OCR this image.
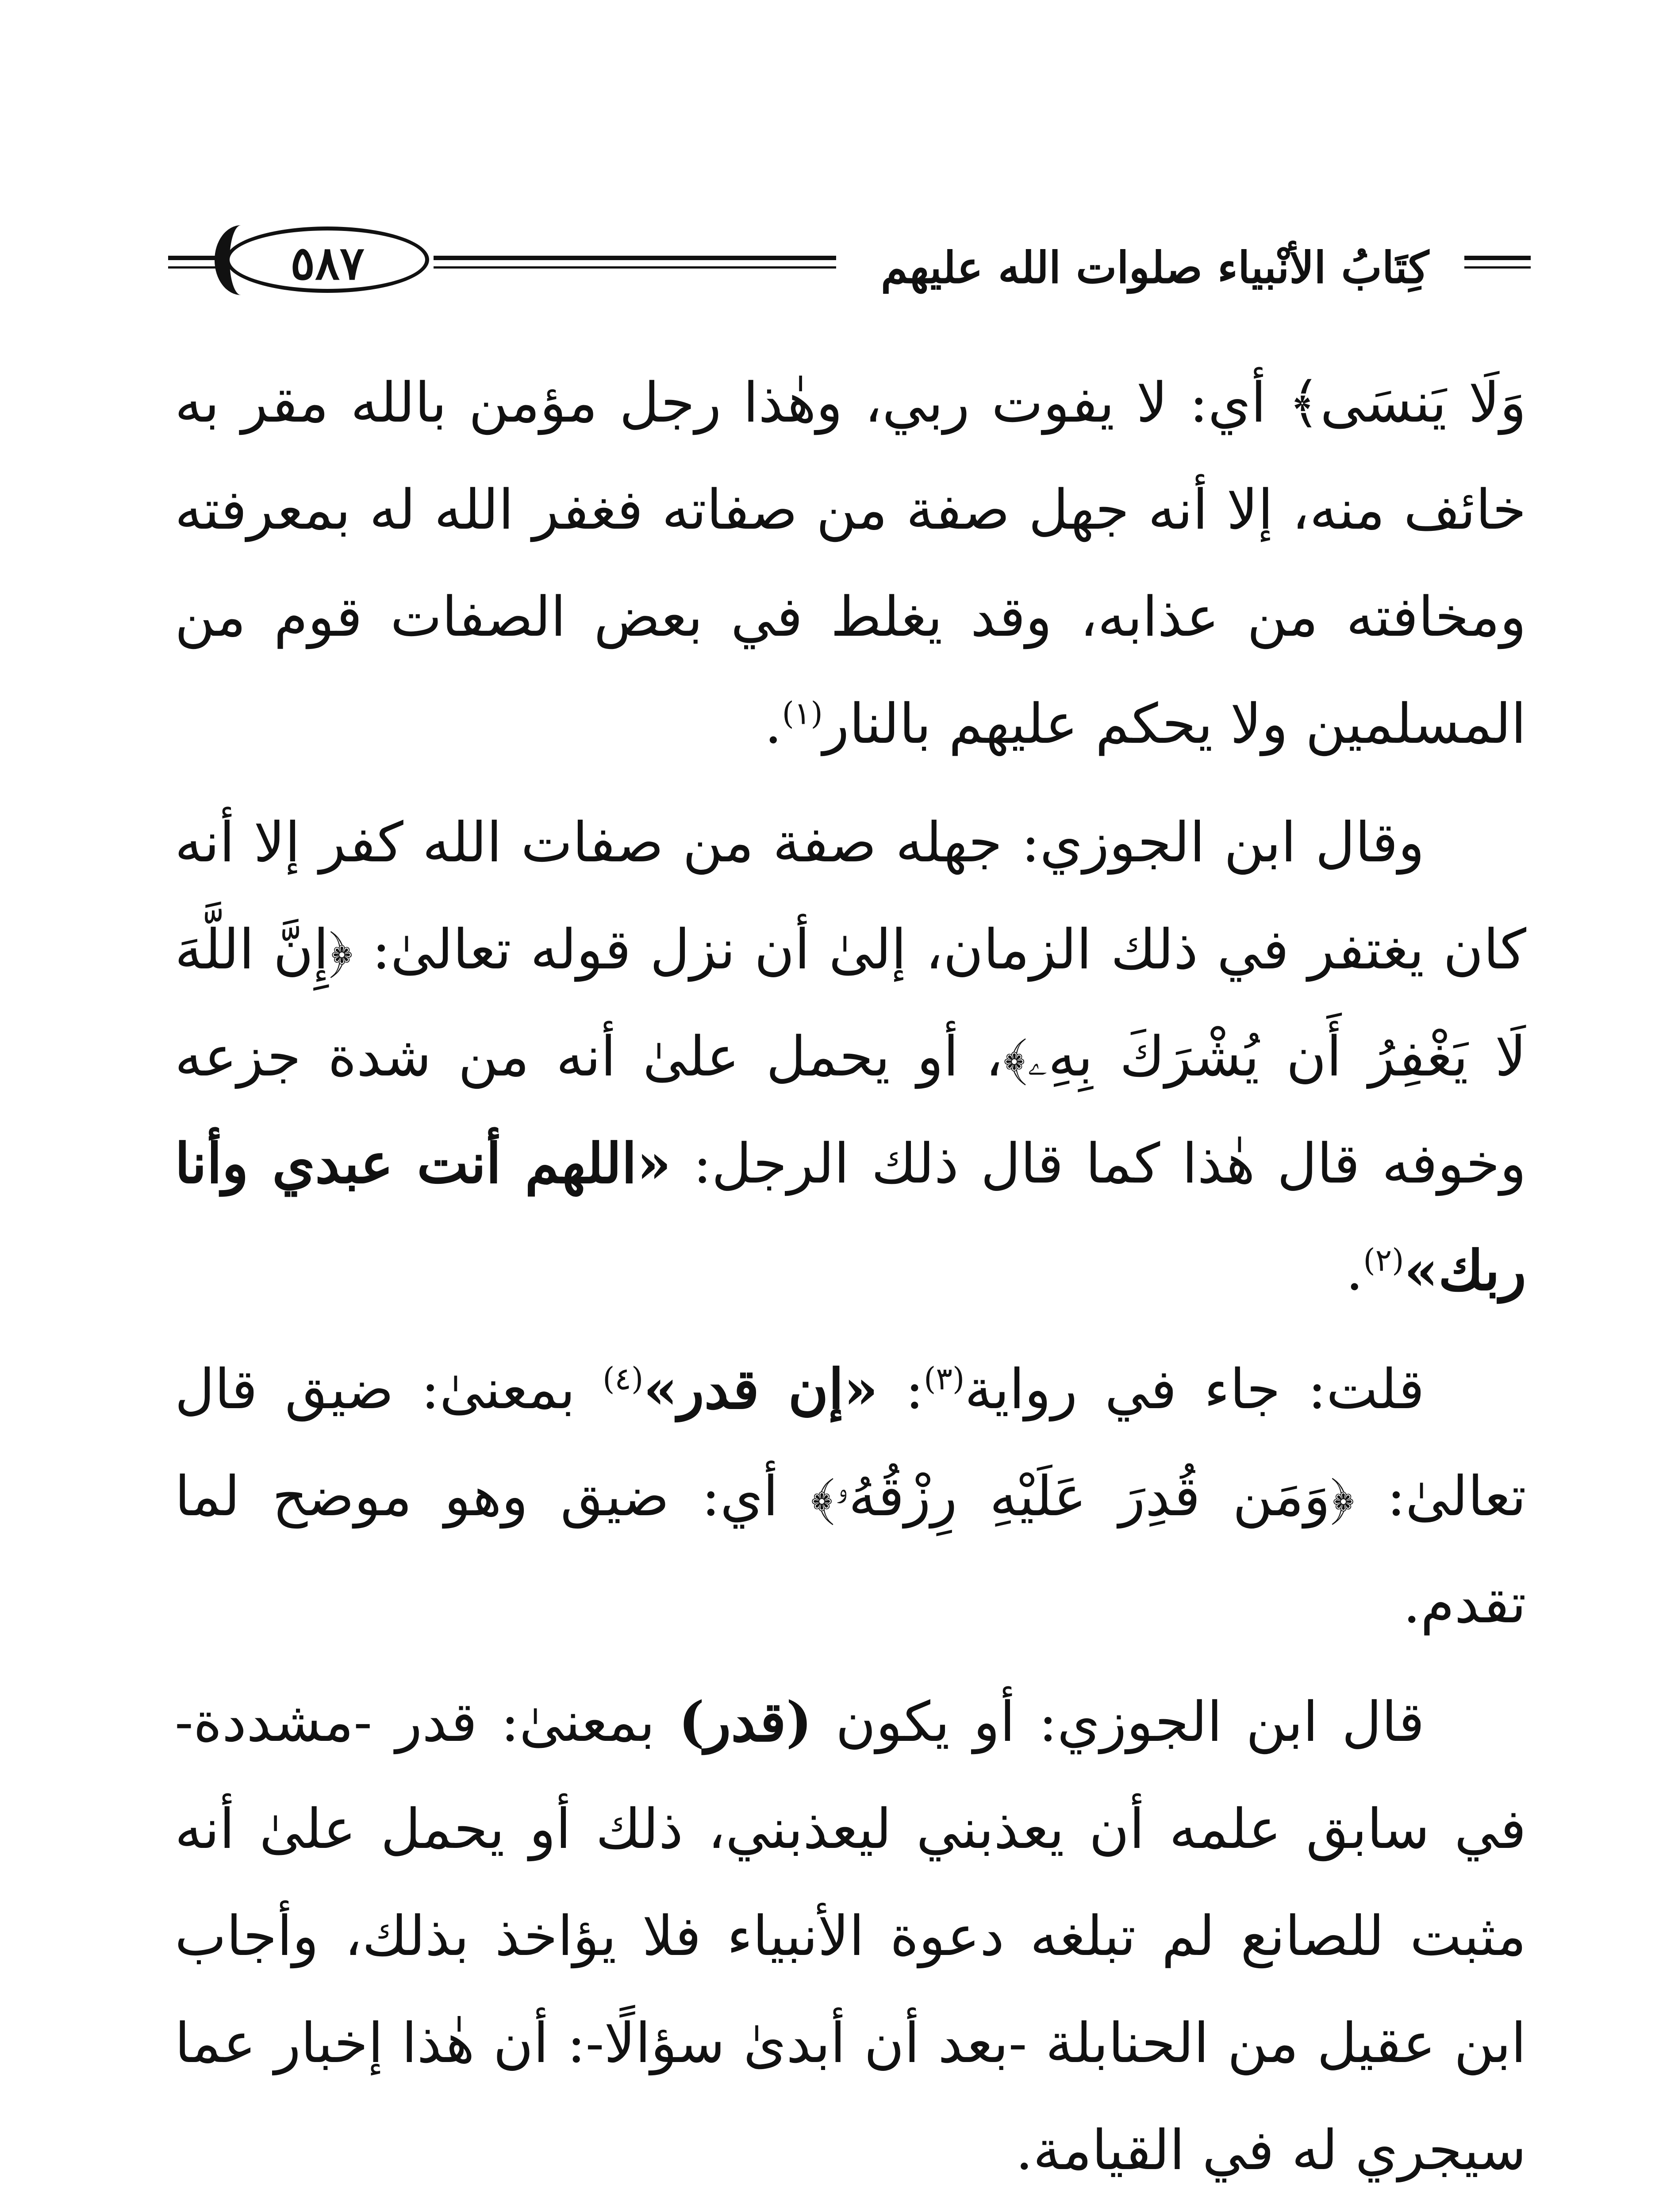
كِتَابُ الأنْبياء صلوات الله عليهم
٥٨٧

وَلَا يَنسَى﴾ أي: لا يفوت ربي، وهٰذا رجل مؤمن بالله مقر به خائف منه، إلا أنه جهل صفة من صفاته فغفر الله له بمعرفته ومخافته من عذابه، وقد يغلط في بعض الصفات قوم من المسلمين ولا يحكم عليهم بالنار$^{(١)}$.

وقال ابن الجوزي: جهله صفة من صفات الله كفر إلا أنه كان يغتفر في ذلك الزمان، إلىٰ أن نزل قوله تعالىٰ: ﴿إِنَّ اللَّهَ لَا يَغْفِرُ أَن يُشْرَكَ بِهِۦ﴾، أو يحمل علىٰ أنه من شدة جزعه وخوفه قال هٰذا كما قال ذلك الرجل: «اللهم أنت عبدي وأنا ربك»$^{(٢)}$.

قلت: جاء في رواية$^{(٣)}$: «إن قدر»$^{(٤)}$ بمعنىٰ: ضيق قال تعالىٰ: ﴿وَمَن قُدِرَ عَلَيْهِ رِزْقُهُۥ﴾ أي: ضيق وهو موضح لما تقدم.

قال ابن الجوزي: أو يكون (قدر) بمعنىٰ: قدر -مشددة- في سابق علمه أن يعذبني ليعذبني، ذلك أو يحمل علىٰ أنه مثبت للصانع لم تبلغه دعوة الأنبياء فلا يؤاخذ بذلك، وأجاب ابن عقيل من الحنابلة -بعد أن أبدىٰ سؤالًا-: أن هٰذا إخبار عما سيجري له في القيامة.
